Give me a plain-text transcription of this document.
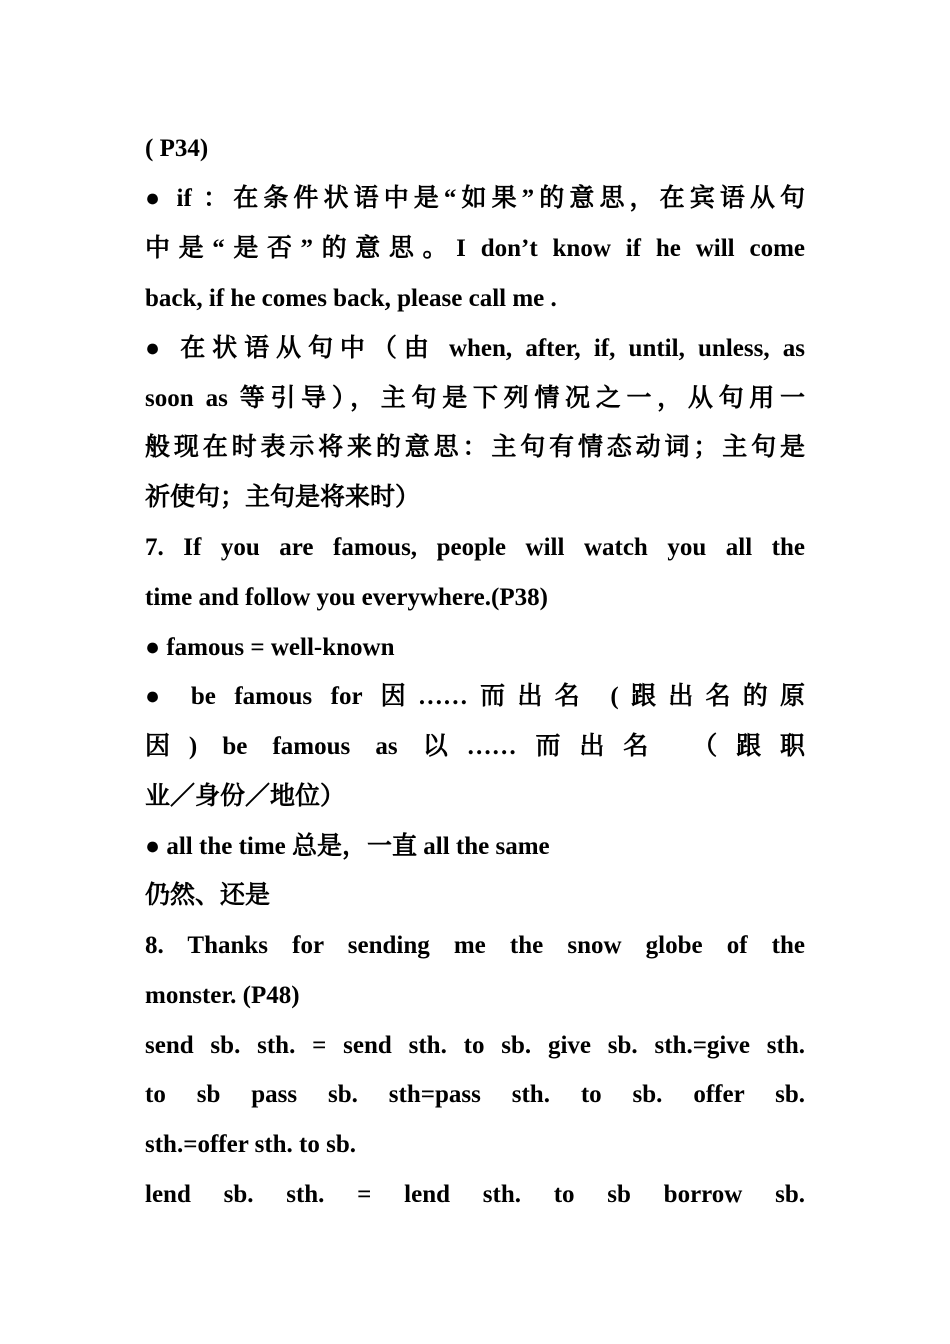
( P34)
● if ：在条件状语中是“如果”的意思，在宾语从句
中是“是否”的意思。I don’t know if he will come
back, if he comes back, please call me .
● 在状语从句中（由 when, after, if, until, unless, as
soon as 等引导），主句是下列情况之一，从句用一
般现在时表示将来的意思：主句有情态动词；主句是
祈使句；主句是将来时）
7. If you are famous, people will watch you all the
time and follow you everywhere.(P38)
● famous = well-known
● be famous for 因……而出名 (跟出名的原
因) be famous as 以……而出名 （跟职
业／身份／地位）
● all the time 总是，一直 all the same
仍然、还是
8. Thanks for sending me the snow globe of the
monster. (P48)
send sb. sth. = send sth. to sb. give sb. sth.=give sth.
to sb pass sb. sth=pass sth. to sb. offer sb.
sth.=offer sth. to sb.
lend sb. sth. = lend sth. to sb borrow sb.
